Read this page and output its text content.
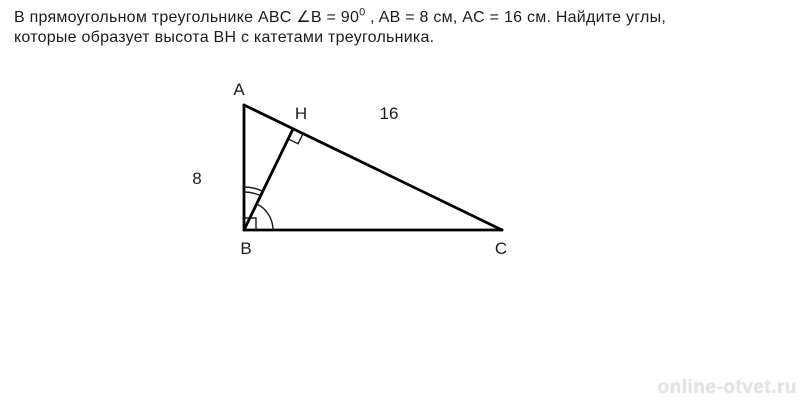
В прямоугольном треугольнике ABC ∠B = $90^0$ , AB = 8 см, AC = 16 см. Найдите углы,
которые образует высота BH с катетами треугольника.
A
B	C
H
8
16
online-otvet.ru
